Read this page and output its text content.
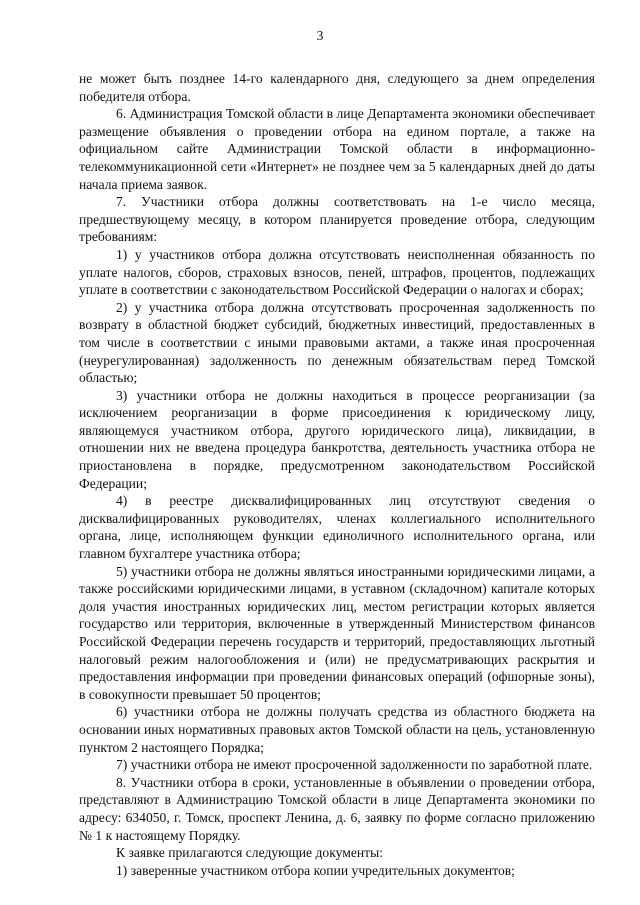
3

не может быть позднее 14-го календарного дня, следующего за днем определения победителя отбора.

6. Администрация Томской области в лице Департамента экономики обеспечивает размещение объявления о проведении отбора на едином портале, а также на официальном сайте Администрации Томской области в информационно-телекоммуникационной сети «Интернет» не позднее чем за 5 календарных дней до даты начала приема заявок.

7. Участники отбора должны соответствовать на 1-е число месяца, предшествующему месяцу, в котором планируется проведение отбора, следующим требованиям:

1) у участников отбора должна отсутствовать неисполненная обязанность по уплате налогов, сборов, страховых взносов, пеней, штрафов, процентов, подлежащих уплате в соответствии с законодательством Российской Федерации о налогах и сборах;

2) у участника отбора должна отсутствовать просроченная задолженность по возврату в областной бюджет субсидий, бюджетных инвестиций, предоставленных в том числе в соответствии с иными правовыми актами, а также иная просроченная (неурегулированная) задолженность по денежным обязательствам перед Томской областью;

3) участники отбора не должны находиться в процессе реорганизации (за исключением реорганизации в форме присоединения к юридическому лицу, являющемуся участником отбора, другого юридического лица), ликвидации, в отношении них не введена процедура банкротства, деятельность участника отбора не приостановлена в порядке, предусмотренном законодательством Российской Федерации;

4) в реестре дисквалифицированных лиц отсутствуют сведения о дисквалифицированных руководителях, членах коллегиального исполнительного органа, лице, исполняющем функции единоличного исполнительного органа, или главном бухгалтере участника отбора;

5) участники отбора не должны являться иностранными юридическими лицами, а также российскими юридическими лицами, в уставном (складочном) капитале которых доля участия иностранных юридических лиц, местом регистрации которых является государство или территория, включенные в утвержденный Министерством финансов Российской Федерации перечень государств и территорий, предоставляющих льготный налоговый режим налогообложения и (или) не предусматривающих раскрытия и предоставления информации при проведении финансовых операций (офшорные зоны), в совокупности превышает 50 процентов;

6) участники отбора не должны получать средства из областного бюджета на основании иных нормативных правовых актов Томской области на цель, установленную пунктом 2 настоящего Порядка;

7) участники отбора не имеют просроченной задолженности по заработной плате.

8. Участники отбора в сроки, установленные в объявлении о проведении отбора, представляют в Администрацию Томской области в лице Департамента экономики по адресу: 634050, г. Томск, проспект Ленина, д. 6, заявку по форме согласно приложению № 1 к настоящему Порядку.

К заявке прилагаются следующие документы:

1) заверенные участником отбора копии учредительных документов;
